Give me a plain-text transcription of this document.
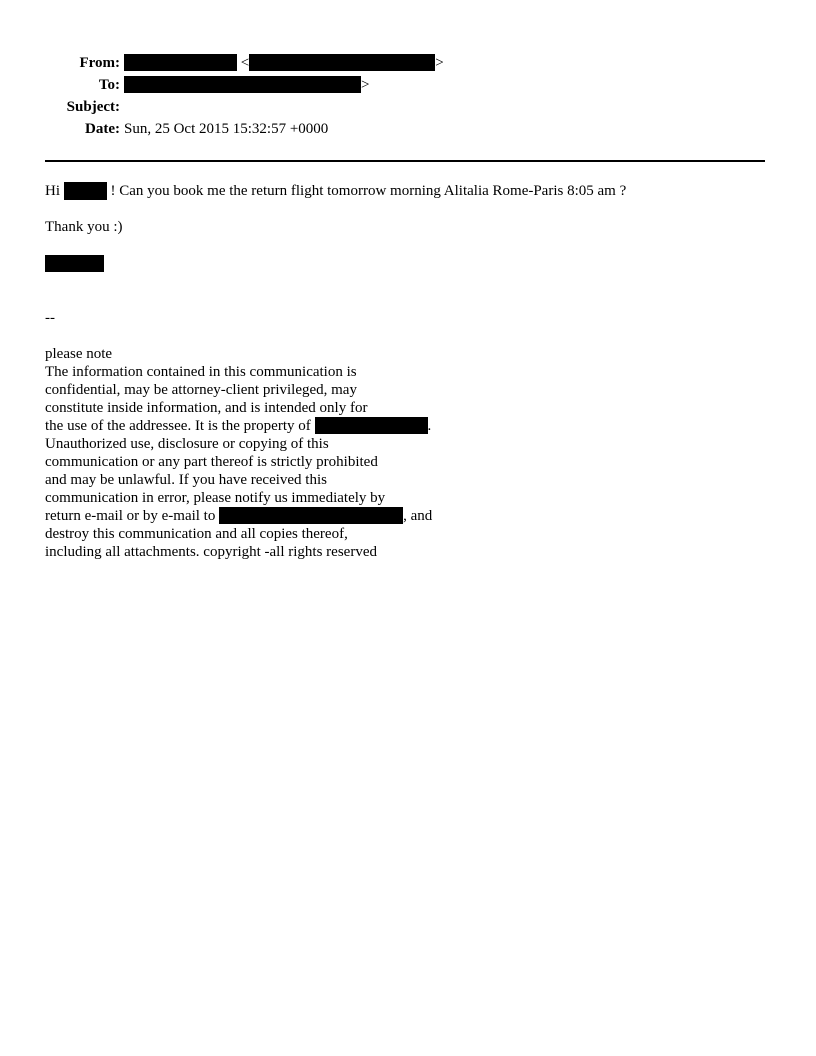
From:	<	>
To:	>
Subject:
Date: Sun, 25 Oct 2015 15:32:57 +0000
Hi	! Can you book me the return flight tomorrow morning Alitalia Rome-Paris 8:05 am ?
Thank you :)
--
please note
The information contained in this communication is
confidential, may be attorney-client privileged, may
constitute inside information, and is intended only for
the use of the addressee. It is the property of	.
Unauthorized use, disclosure or copying of this
communication or any part thereof is strictly prohibited
and may be unlawful. If you have received this
communication in error, please notify us immediately by
return e-mail or by e-mail to	, and
destroy this communication and all copies thereof,
including all attachments. copyright -all rights reserved
